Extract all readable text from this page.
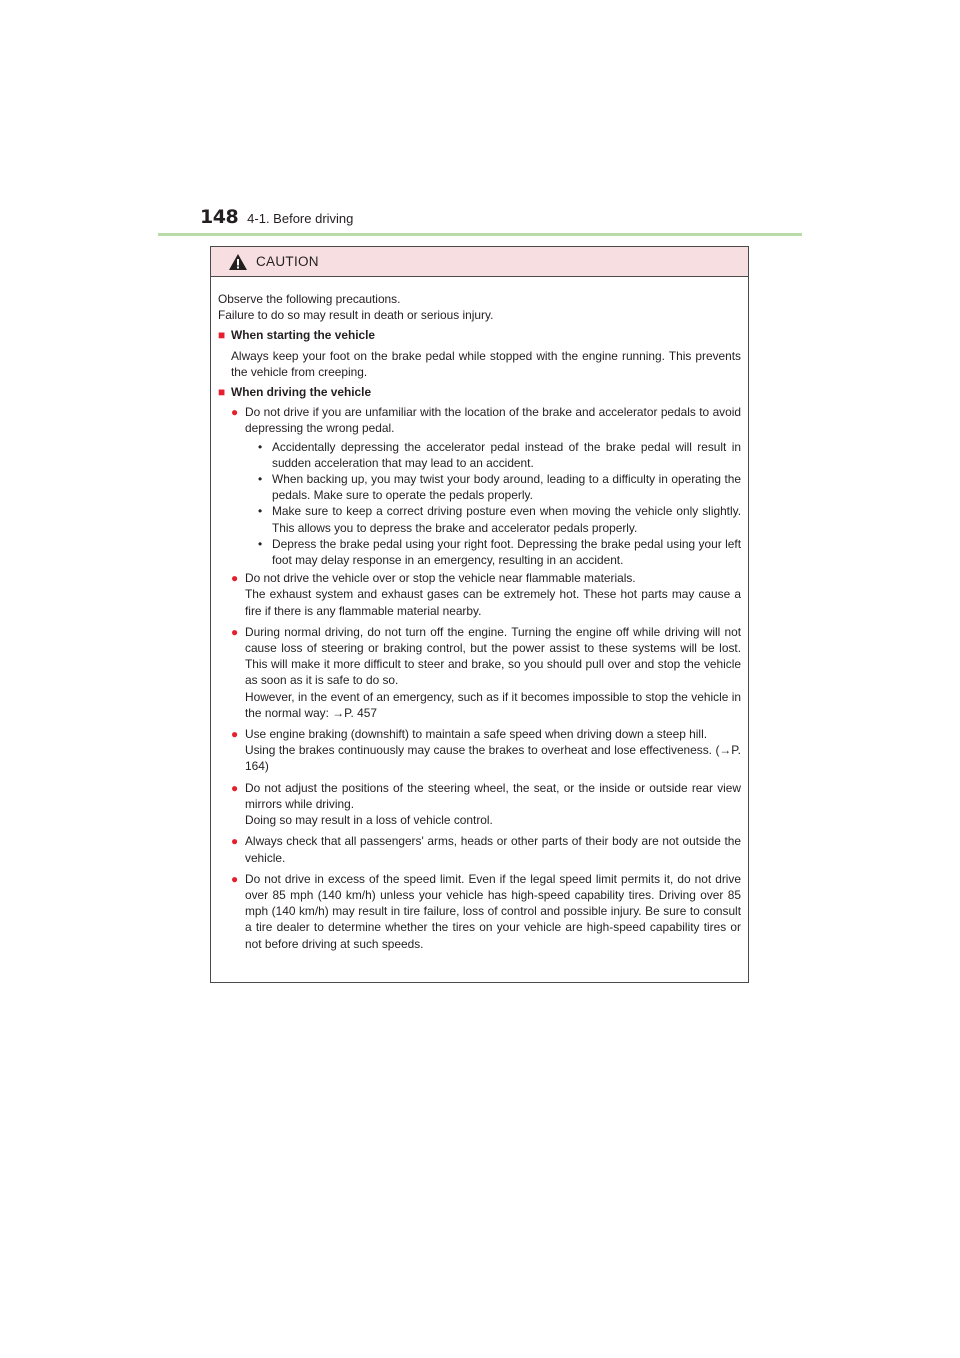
148 4-1. Before driving
CAUTION

Observe the following precautions.

Failure to do so may result in death or serious injury.

■ When starting the vehicle

Always keep your foot on the brake pedal while stopped with the engine running. This prevents the vehicle from creeping.

■ When driving the vehicle
● Do not drive if you are unfamiliar with the location of the brake and accelerator pedals to avoid depressing the wrong pedal.

• Accidentally depressing the accelerator pedal instead of the brake pedal will result in sudden acceleration that may lead to an accident.
• When backing up, you may twist your body around, leading to a difficulty in operating the pedals. Make sure to operate the pedals properly.
• Make sure to keep a correct driving posture even when moving the vehicle only slightly. This allows you to depress the brake and accelerator pedals properly.
• Depress the brake pedal using your right foot. Depressing the brake pedal using your left foot may delay response in an emergency, resulting in an accident.
● Do not drive the vehicle over or stop the vehicle near flammable materials.

The exhaust system and exhaust gases can be extremely hot. These hot parts may cause a fire if there is any flammable material nearby.

● During normal driving, do not turn off the engine. Turning the engine off while driving will not cause loss of steering or braking control, but the power assist to these systems will be lost. This will make it more difficult to steer and brake, so you should pull over and stop the vehicle as soon as it is safe to do so.

However, in the event of an emergency, such as if it becomes impossible to stop the vehicle in the normal way: →P. 457

● Use engine braking (downshift) to maintain a safe speed when driving down a steep hill.

Using the brakes continuously may cause the brakes to overheat and lose effectiveness. (→P. 164)

● Do not adjust the positions of the steering wheel, the seat, or the inside or outside rear view mirrors while driving.

Doing so may result in a loss of vehicle control.

● Always check that all passengers' arms, heads or other parts of their body are not outside the vehicle.

● Do not drive in excess of the speed limit. Even if the legal speed limit permits it, do not drive over 85 mph (140 km/h) unless your vehicle has high-speed capability tires. Driving over 85 mph (140 km/h) may result in tire failure, loss of control and possible injury. Be sure to consult a tire dealer to determine whether the tires on your vehicle are high-speed capability tires or not before driving at such speeds.
